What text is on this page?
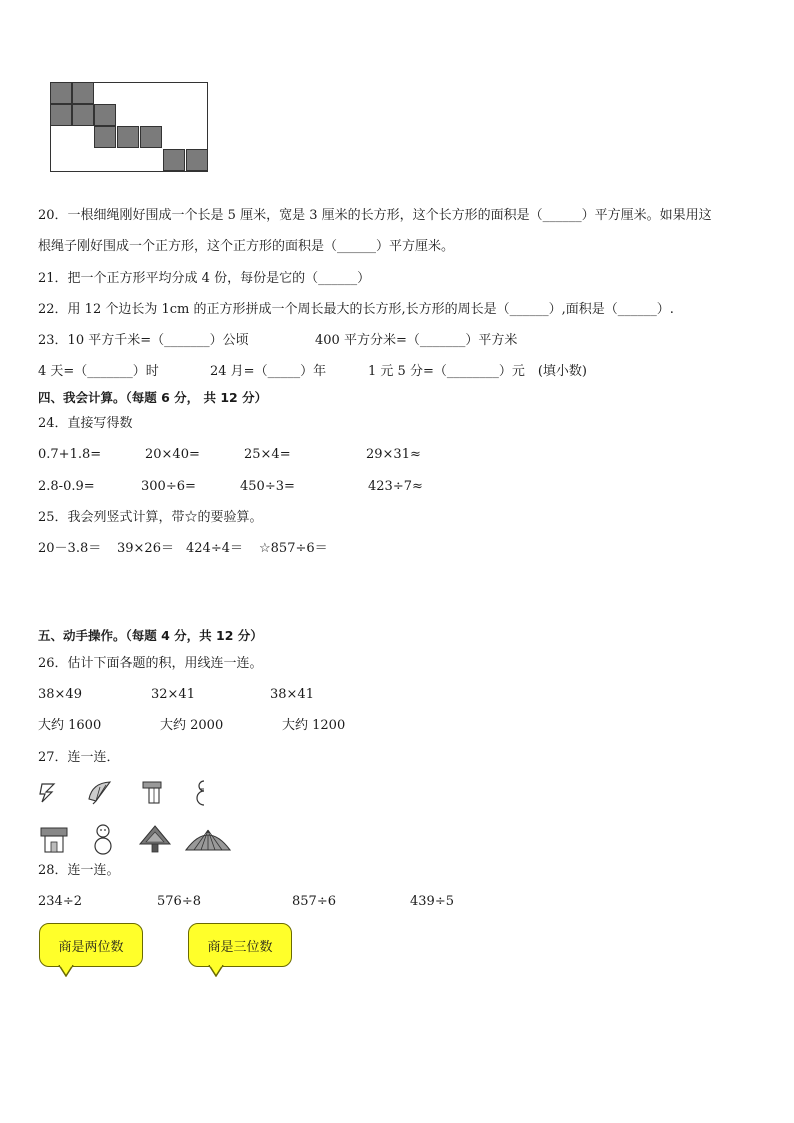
20．一根细绳刚好围成一个长是 5 厘米，宽是 3 厘米的长方形，这个长方形的面积是（______）平方厘米。如果用这
根绳子刚好围成一个正方形，这个正方形的面积是（______）平方厘米。
21．把一个正方形平均分成 4 份，每份是它的（______）
22．用 12 个边长为 1cm 的正方形拼成一个周长最大的长方形,长方形的周长是（______）,面积是（______）.
23．10 平方千米=（_______）公顷	400 平方分米=（_______）平方米
4 天=（_______）时	24 月=（_____）年	1 元 5 分=（________）元　(填小数)
四、我会计算。（每题 6 分， 共 12 分）
24．直接写得数
0.7+1.8=	20×40=	25×4=	29×31≈
2.8-0.9=	300÷6=	450÷3=	423÷7≈
25．我会列竖式计算，带☆的要验算。
20－3.8＝ 39×26＝ 424÷4＝ ☆857÷6＝
五、动手操作。（每题 4 分，共 12 分）
26．估计下面各题的积，用线连一连。
38×49	32×41	38×41
大约 1600	大约 2000	大约 1200
27．连一连．
28．连一连。
234÷2	576÷8	857÷6	439÷5
商是两位数	商是三位数
